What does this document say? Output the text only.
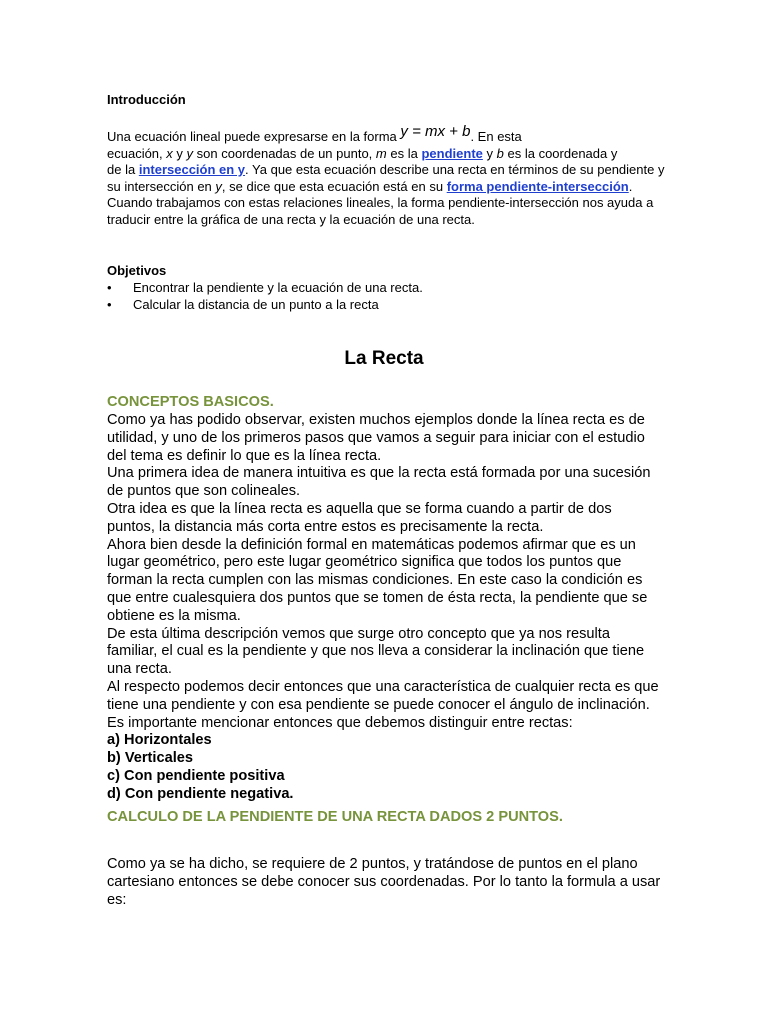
Introducción
Una ecuación lineal puede expresarse en la forma y = mx + b. En esta
ecuación, x y y son coordenadas de un punto, m es la pendiente y b es la coordenada y
de la intersección en y. Ya que esta ecuación describe una recta en términos de su pendiente y su intersección en y, se dice que esta ecuación está en su forma pendiente-intersección. Cuando trabajamos con estas relaciones lineales, la forma pendiente-intersección nos ayuda a traducir entre la gráfica de una recta y la ecuación de una recta.
Objetivos
• Encontrar la pendiente y la ecuación de una recta.
• Calcular la distancia de un punto a la recta
La Recta
CONCEPTOS BASICOS.

Como ya has podido observar, existen muchos ejemplos donde la línea recta es de utilidad, y uno de los primeros pasos que vamos a seguir para iniciar con el estudio del tema es definir lo que es la línea recta.

Una primera idea de manera intuitiva es que la recta está formada por una sucesión de puntos que son colineales.

Otra idea es que la línea recta es aquella que se forma cuando a partir de dos puntos, la distancia más corta entre estos es precisamente la recta.

Ahora bien desde la definición formal en matemáticas podemos afirmar que es un lugar geométrico, pero este lugar geométrico significa que todos los puntos que forman la recta cumplen con las mismas condiciones. En este caso la condición es que entre cualesquiera dos puntos que se tomen de ésta recta, la pendiente que se obtiene es la misma.

De esta última descripción vemos que surge otro concepto que ya nos resulta familiar, el cual es la pendiente y que nos lleva a considerar la inclinación que tiene una recta.

Al respecto podemos decir entonces que una característica de cualquier recta es que tiene una pendiente y con esa pendiente se puede conocer el ángulo de inclinación.

Es importante mencionar entonces que debemos distinguir entre rectas:

a) Horizontales

b) Verticales

c) Con pendiente positiva

d) Con pendiente negativa.

CALCULO DE LA PENDIENTE DE UNA RECTA DADOS 2 PUNTOS.

Como ya se ha dicho, se requiere de 2 puntos, y tratándose de puntos en el plano cartesiano entonces se debe conocer sus coordenadas. Por lo tanto la formula a usar es:
